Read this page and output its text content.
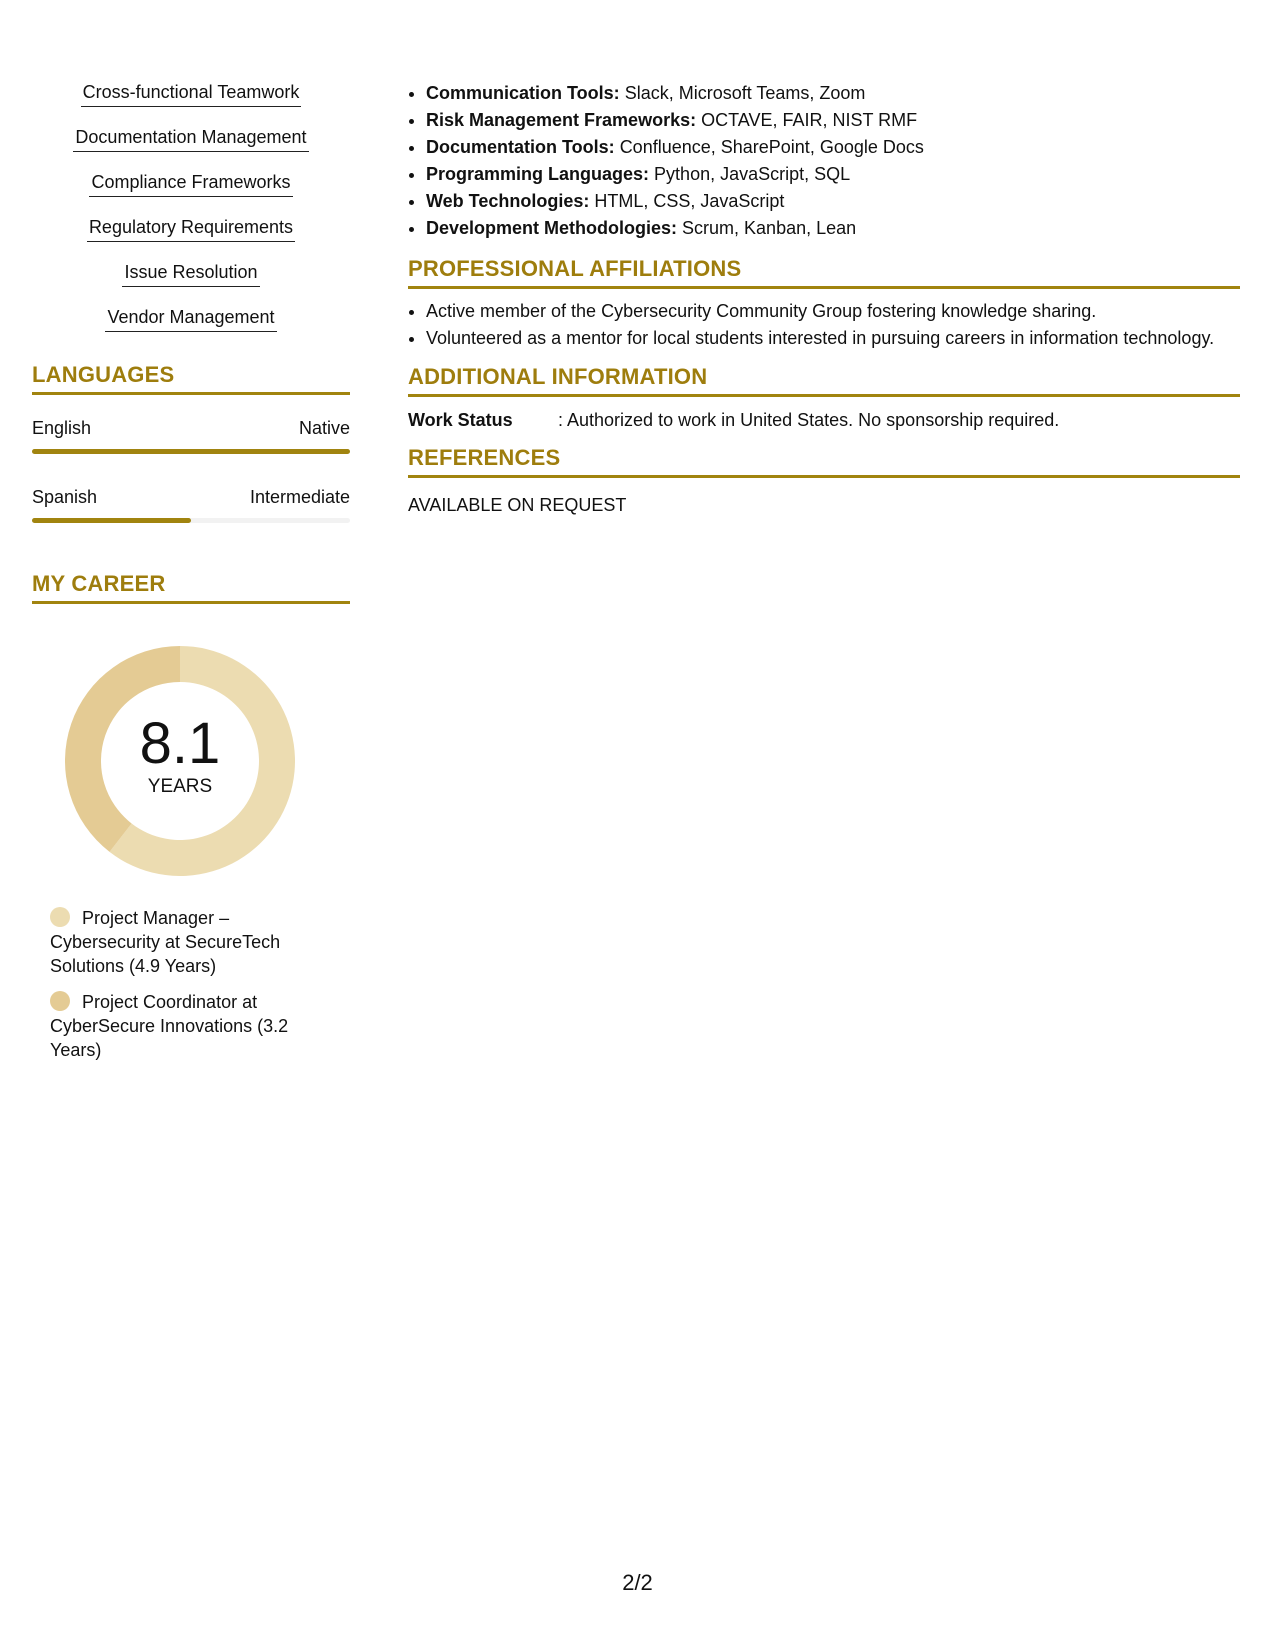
Cross-functional Teamwork
Documentation Management
Compliance Frameworks
Regulatory Requirements
Issue Resolution
Vendor Management
LANGUAGES
English	Native
Spanish	Intermediate
MY CAREER
8.1
YEARS
Project Manager – Cybersecurity at SecureTech Solutions (4.9 Years)
Project Coordinator at CyberSecure Innovations (3.2 Years)
• Communication Tools: Slack, Microsoft Teams, Zoom
• Risk Management Frameworks: OCTAVE, FAIR, NIST RMF
• Documentation Tools: Confluence, SharePoint, Google Docs
• Programming Languages: Python, JavaScript, SQL
• Web Technologies: HTML, CSS, JavaScript
• Development Methodologies: Scrum, Kanban, Lean
PROFESSIONAL AFFILIATIONS
• Active member of the Cybersecurity Community Group fostering knowledge sharing.
• Volunteered as a mentor for local students interested in pursuing careers in information technology.
ADDITIONAL INFORMATION
Work Status	: Authorized to work in United States. No sponsorship required.
REFERENCES
AVAILABLE ON REQUEST
2/2
